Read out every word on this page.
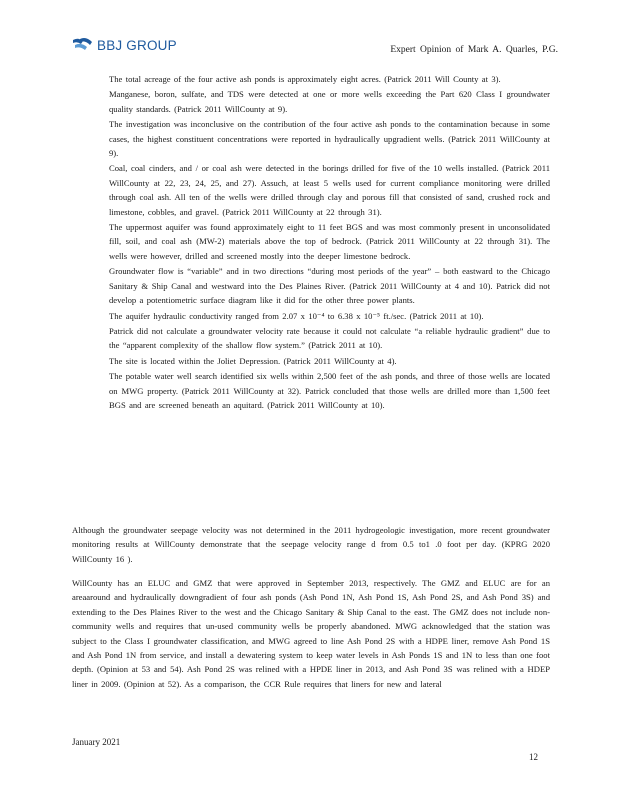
BBJ GROUP	Expert Opinion of Mark A. Quarles, P.G.
The total acreage of the four active ash ponds is approximately eight acres. (Patrick 2011 Will County at 3).
Manganese, boron, sulfate, and TDS were detected at one or more wells exceeding the Part 620 Class I groundwater quality standards. (Patrick 2011 WillCounty at 9).
The investigation was inconclusive on the contribution of the four active ash ponds to the contamination because in some cases, the highest constituent concentrations were reported in hydraulically upgradient wells. (Patrick 2011 WillCounty at 9).
Coal, coal cinders, and / or coal ash were detected in the borings drilled for five of the 10 wells installed. (Patrick 2011 WillCounty at 22, 23, 24, 25, and 27). Assuch, at least 5 wells used for current compliance monitoring were drilled through coal ash. All ten of the wells were drilled through clay and porous fill that consisted of sand, crushed rock and limestone, cobbles, and gravel. (Patrick 2011 WillCounty at 22 through 31).
The uppermost aquifer was found approximately eight to 11 feet BGS and was most commonly present in unconsolidated fill, soil, and coal ash (MW-2) materials above the top of bedrock. (Patrick 2011 WillCounty at 22 through 31). The wells were however, drilled and screened mostly into the deeper limestone bedrock.
Groundwater flow is “variable” and in two directions “during most periods of the year” – both eastward to the Chicago Sanitary & Ship Canal and westward into the Des Plaines River. (Patrick 2011 WillCounty at 4 and 10). Patrick did not develop a potentiometric surface diagram like it did for the other three power plants.
The aquifer hydraulic conductivity ranged from 2.07 x 10⁻⁴ to 6.38 x 10⁻⁵ ft./sec. (Patrick 2011 at 10).
Patrick did not calculate a groundwater velocity rate because it could not calculate “a reliable hydraulic gradient” due to the “apparent complexity of the shallow flow system.” (Patrick 2011 at 10).
The site is located within the Joliet Depression. (Patrick 2011 WillCounty at 4).
The potable water well search identified six wells within 2,500 feet of the ash ponds, and three of those wells are located on MWG property. (Patrick 2011 WillCounty at 32). Patrick concluded that those wells are drilled more than 1,500 feet BGS and are screened beneath an aquitard. (Patrick 2011 WillCounty at 10).

Although the groundwater seepage velocity was not determined in the 2011 hydrogeologic investigation, more recent groundwater monitoring results at WillCounty demonstrate that the seepage velocity range d from 0.5 to1 .0 foot per day. (KPRG 2020 WillCounty 16 ).

WillCounty has an ELUC and GMZ that were approved in September 2013, respectively. The GMZ and ELUC are for an areaaround and hydraulically downgradient of four ash ponds (Ash Pond 1N, Ash Pond 1S, Ash Pond 2S, and Ash Pond 3S) and extending to the Des Plaines River to the west and the Chicago Sanitary & Ship Canal to the east. The GMZ does not include non-community wells and requires that un-used community wells be properly abandoned. MWG acknowledged that the station was subject to the Class I groundwater classification, and MWG agreed to line Ash Pond 2S with a HDPE liner, remove Ash Pond 1S and Ash Pond 1N from service, and install a dewatering system to keep water levels in Ash Ponds 1S and 1N to less than one foot depth. (Opinion at 53 and 54). Ash Pond 2S was relined with a HPDE liner in 2013, and Ash Pond 3S was relined with a HDEP liner in 2009. (Opinion at 52). As a comparison, the CCR Rule requires that liners for new and lateral

January 2021
12
